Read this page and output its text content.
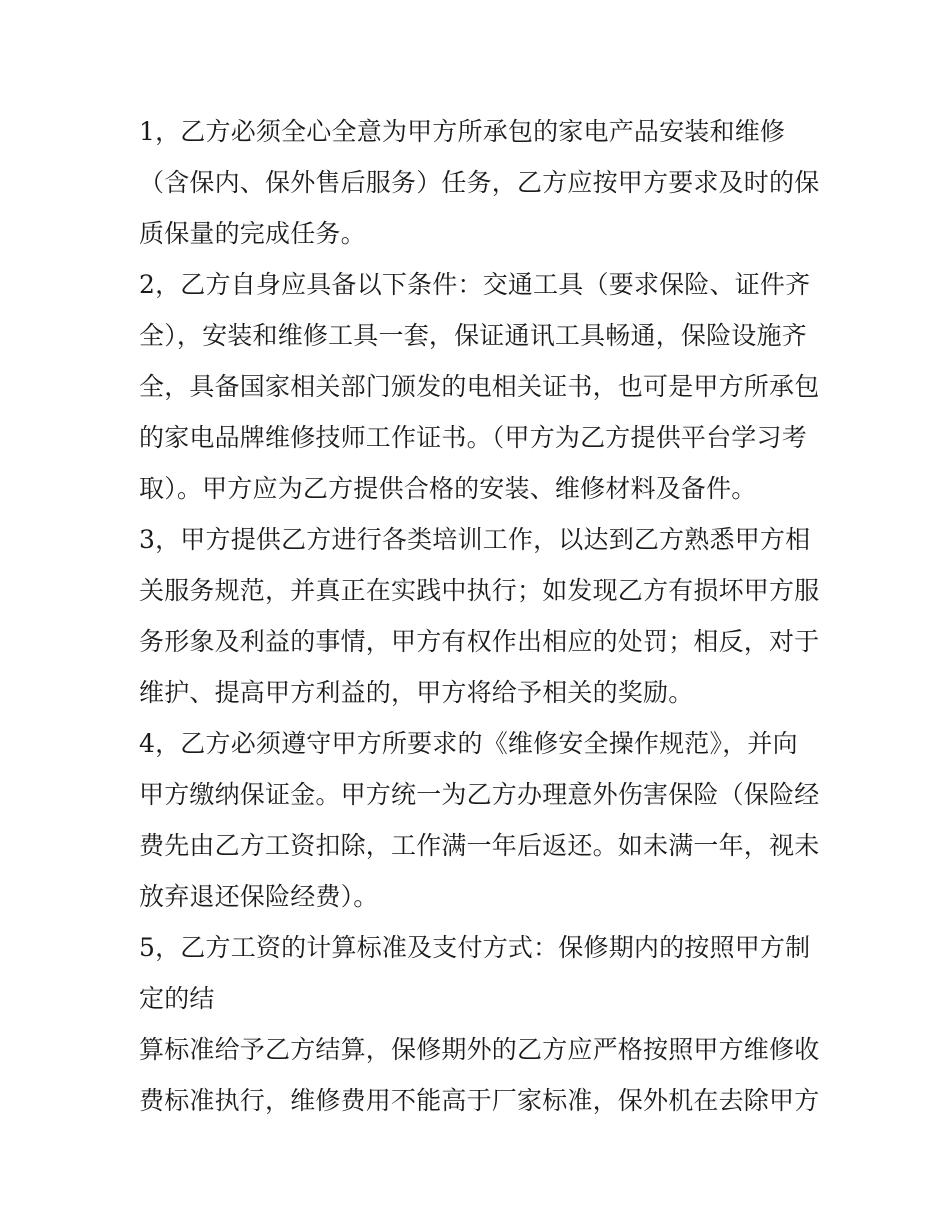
1，乙方必须全心全意为甲方所承包的家电产品安装和维修
（含保内、保外售后服务）任务，乙方应按甲方要求及时的保
质保量的完成任务。
2，乙方自身应具备以下条件：交通工具（要求保险、证件齐
全），安装和维修工具一套，保证通讯工具畅通，保险设施齐
全，具备国家相关部门颁发的电相关证书，也可是甲方所承包
的家电品牌维修技师工作证书。（甲方为乙方提供平台学习考
取）。甲方应为乙方提供合格的安装、维修材料及备件。
3，甲方提供乙方进行各类培训工作，以达到乙方熟悉甲方相
关服务规范，并真正在实践中执行；如发现乙方有损坏甲方服
务形象及利益的事情，甲方有权作出相应的处罚；相反，对于
维护、提高甲方利益的，甲方将给予相关的奖励。
4，乙方必须遵守甲方所要求的《维修安全操作规范》，并向
甲方缴纳保证金。甲方统一为乙方办理意外伤害保险（保险经
费先由乙方工资扣除，工作满一年后返还。如未满一年，视未
放弃退还保险经费）。
5，乙方工资的计算标准及支付方式：保修期内的按照甲方制
定的结
算标准给予乙方结算，保修期外的乙方应严格按照甲方维修收
费标准执行，维修费用不能高于厂家标准，保外机在去除甲方
